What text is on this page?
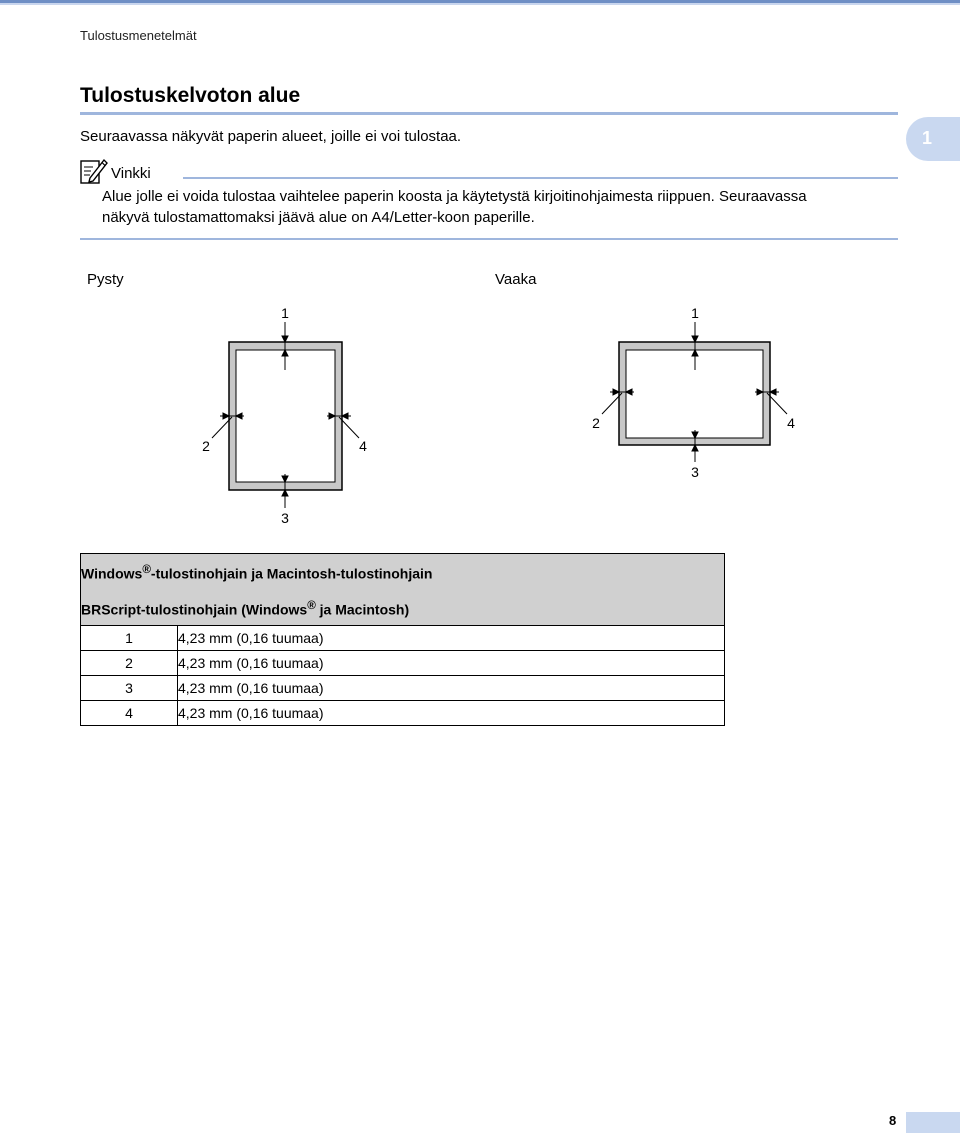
Tulostusmenetelmät
Tulostuskelvoton alue
Seuraavassa näkyvät paperin alueet, joille ei voi tulostaa.	1
Vinkki
Alue jolle ei voida tulostaa vaihtelee paperin koosta ja käytetystä kirjoitinohjaimesta riippuen. Seuraavassa
näkyvä tulostamattomaksi jäävä alue on A4/Letter-koon paperille.
Pysty	Vaaka
1
2	4
3
1
2	4
3
Windows®-tulostinohjain ja Macintosh-tulostinohjain
BRScript-tulostinohjain (Windows® ja Macintosh)	

1	4,23 mm (0,16 tuumaa)
2	4,23 mm (0,16 tuumaa)
3	4,23 mm (0,16 tuumaa)
4	4,23 mm (0,16 tuumaa)
8
